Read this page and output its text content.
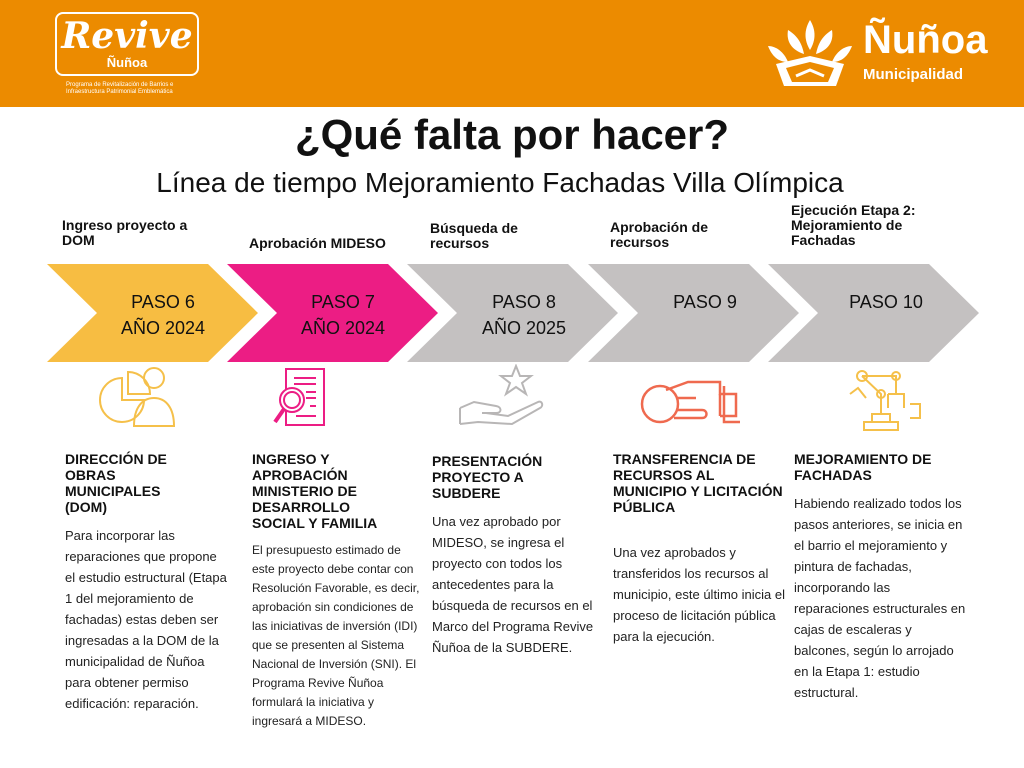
Revive
Ñuñoa
Programa de Revitalización de Barrios e Infraestructura Patrimonial Emblemática
Ñuñoa
Municipalidad
¿Qué falta por hacer?
Línea de tiempo Mejoramiento Fachadas Villa Olímpica
Ingreso proyecto a DOM	Aprobación MIDESO
Búsqueda de recursos
Aprobación de recursos
Ejecución Etapa 2: Mejoramiento de Fachadas
PASO 6
AÑO 2024
PASO 7
AÑO 2024
PASO 8
AÑO 2025
PASO 9	PASO 10
DIRECCIÓN DE OBRAS MUNICIPALES (DOM)
INGRESO Y APROBACIÓN MINISTERIO DE DESARROLLO SOCIAL Y FAMILIA
PRESENTACIÓN PROYECTO A SUBDERE
TRANSFERENCIA DE RECURSOS AL MUNICIPIO Y LICITACIÓN PÚBLICA
MEJORAMIENTO DE FACHADAS
Para incorporar las reparaciones que propone el estudio estructural (Etapa 1 del mejoramiento de fachadas) estas deben ser ingresadas a la DOM de la municipalidad de Ñuñoa para obtener permiso edificación: reparación.
El presupuesto estimado de este proyecto debe contar con Resolución Favorable, es decir, aprobación sin condiciones de las iniciativas de inversión (IDI) que se presenten al Sistema Nacional de Inversión (SNI). El Programa Revive Ñuñoa formulará la iniciativa y ingresará a MIDESO.
Una vez aprobado por MIDESO, se ingresa el proyecto con todos los antecedentes para la búsqueda de recursos en el Marco del Programa Revive Ñuñoa de la SUBDERE.
Una vez aprobados y transferidos los recursos al municipio, este último inicia el proceso de licitación pública para la ejecución.
Habiendo realizado todos los pasos anteriores, se inicia en el barrio el mejoramiento y pintura de fachadas, incorporando las reparaciones estructurales en cajas de escaleras y balcones, según lo arrojado en la Etapa 1: estudio estructural.
